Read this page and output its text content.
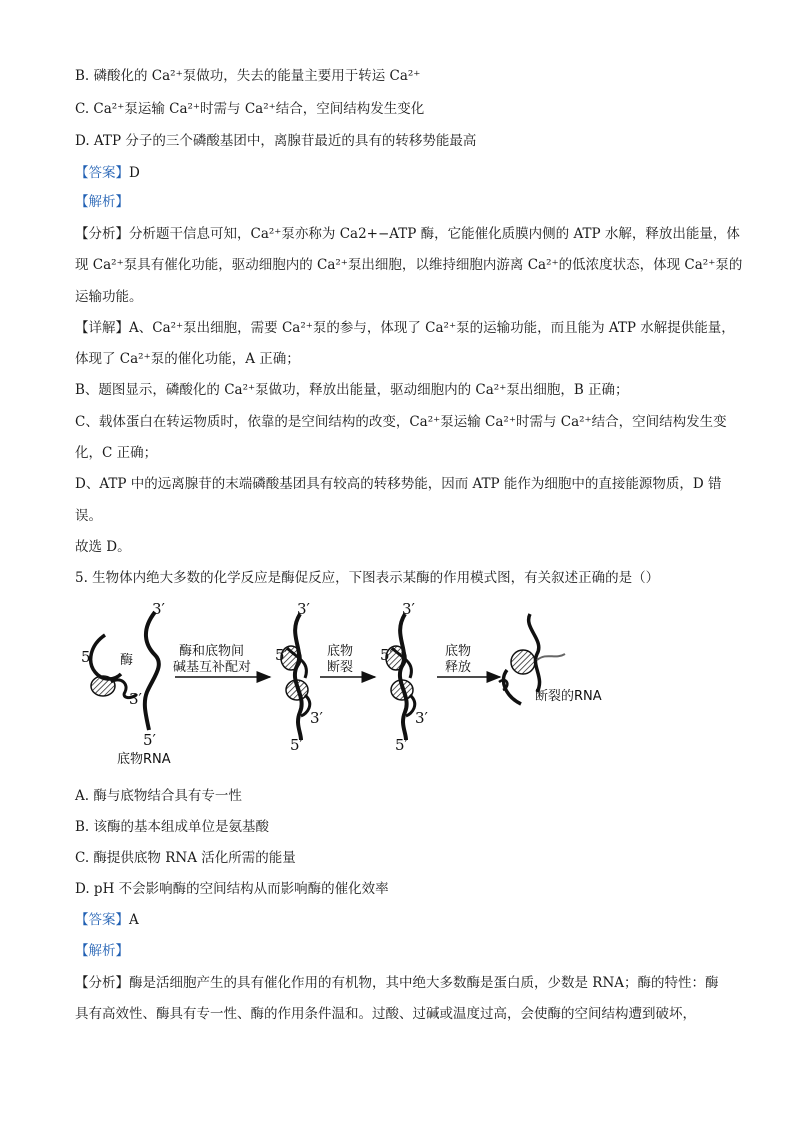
B. 磷酸化的 Ca²⁺泵做功，失去的能量主要用于转运 Ca²⁺
C. Ca²⁺泵运输 Ca²⁺时需与 Ca²⁺结合，空间结构发生变化
D. ATP 分子的三个磷酸基团中，离腺苷最近的具有的转移势能最高
【答案】D
【解析】
【分析】分析题干信息可知，Ca²⁺泵亦称为 Ca2+−ATP 酶，它能催化质膜内侧的 ATP 水解，释放出能量，体
现 Ca²⁺泵具有催化功能，驱动细胞内的 Ca²⁺泵出细胞，以维持细胞内游离 Ca²⁺的低浓度状态，体现 Ca²⁺泵的
运输功能。
【详解】A、Ca²⁺泵出细胞，需要 Ca²⁺泵的参与，体现了 Ca²⁺泵的运输功能，而且能为 ATP 水解提供能量，
体现了 Ca²⁺泵的催化功能，A 正确；
B、题图显示，磷酸化的 Ca²⁺泵做功，释放出能量，驱动细胞内的 Ca²⁺泵出细胞，B 正确；
C、载体蛋白在转运物质时，依靠的是空间结构的改变，Ca²⁺泵运输 Ca²⁺时需与 Ca²⁺结合，空间结构发生变
化，C 正确；
D、ATP 中的远离腺苷的末端磷酸基团具有较高的转移势能，因而 ATP 能作为细胞中的直接能源物质，D 错
误。
故选 D。
5. 生物体内绝大多数的化学反应是酶促反应，下图表示某酶的作用模式图，有关叙述正确的是（）
3′
5′ 酶
3′
5′
底物RNA
酶和底物间
碱基互补配对
3′
5′
3′
5′
底物
断裂
3′
5′
3′
5′
底物
释放
断裂的RNA
A. 酶与底物结合具有专一性
B. 该酶的基本组成单位是氨基酸
C. 酶提供底物 RNA 活化所需的能量
D. pH 不会影响酶的空间结构从而影响酶的催化效率
【答案】A
【解析】
【分析】酶是活细胞产生的具有催化作用的有机物，其中绝大多数酶是蛋白质，少数是 RNA；酶的特性：酶
具有高效性、酶具有专一性、酶的作用条件温和。过酸、过碱或温度过高，会使酶的空间结构遭到破坏，
